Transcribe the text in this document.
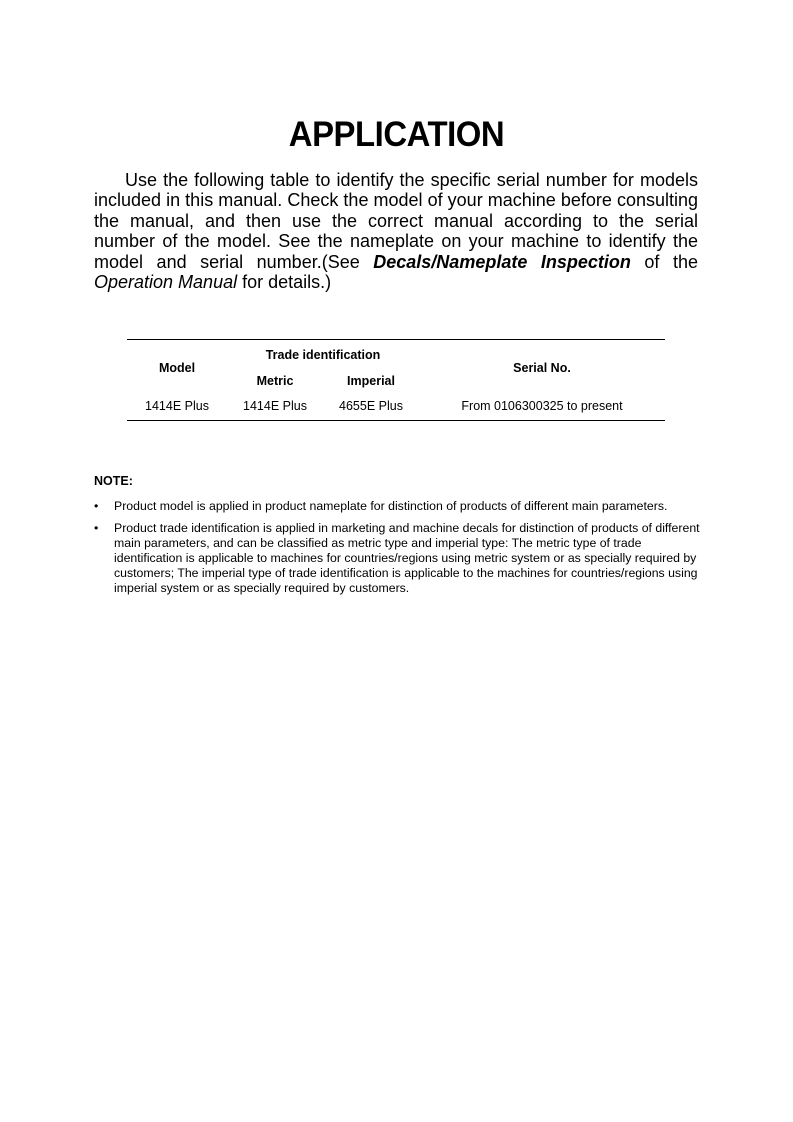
APPLICATION

Use the following table to identify the specific serial number for models included in this manual. Check the model of your machine before consulting the manual, and then use the correct manual according to the serial number of the model. See the nameplate on your machine to identify the model and serial number.(See Decals/Nameplate Inspection of the Operation Manual for details.)

Model	Trade identification		Serial No.
	Metric	Imperial	
1414E Plus	1414E Plus	4655E Plus	From 0106300325 to present

NOTE:

• Product model is applied in product nameplate for distinction of products of different main parameters.
• Product trade identification is applied in marketing and machine decals for distinction of products of different main parameters, and can be classified as metric type and imperial type: The metric type of trade identification is applicable to machines for countries/regions using metric system or as specially required by customers; The imperial type of trade identification is applicable to the machines for countries/regions using imperial system or as specially required by customers.
